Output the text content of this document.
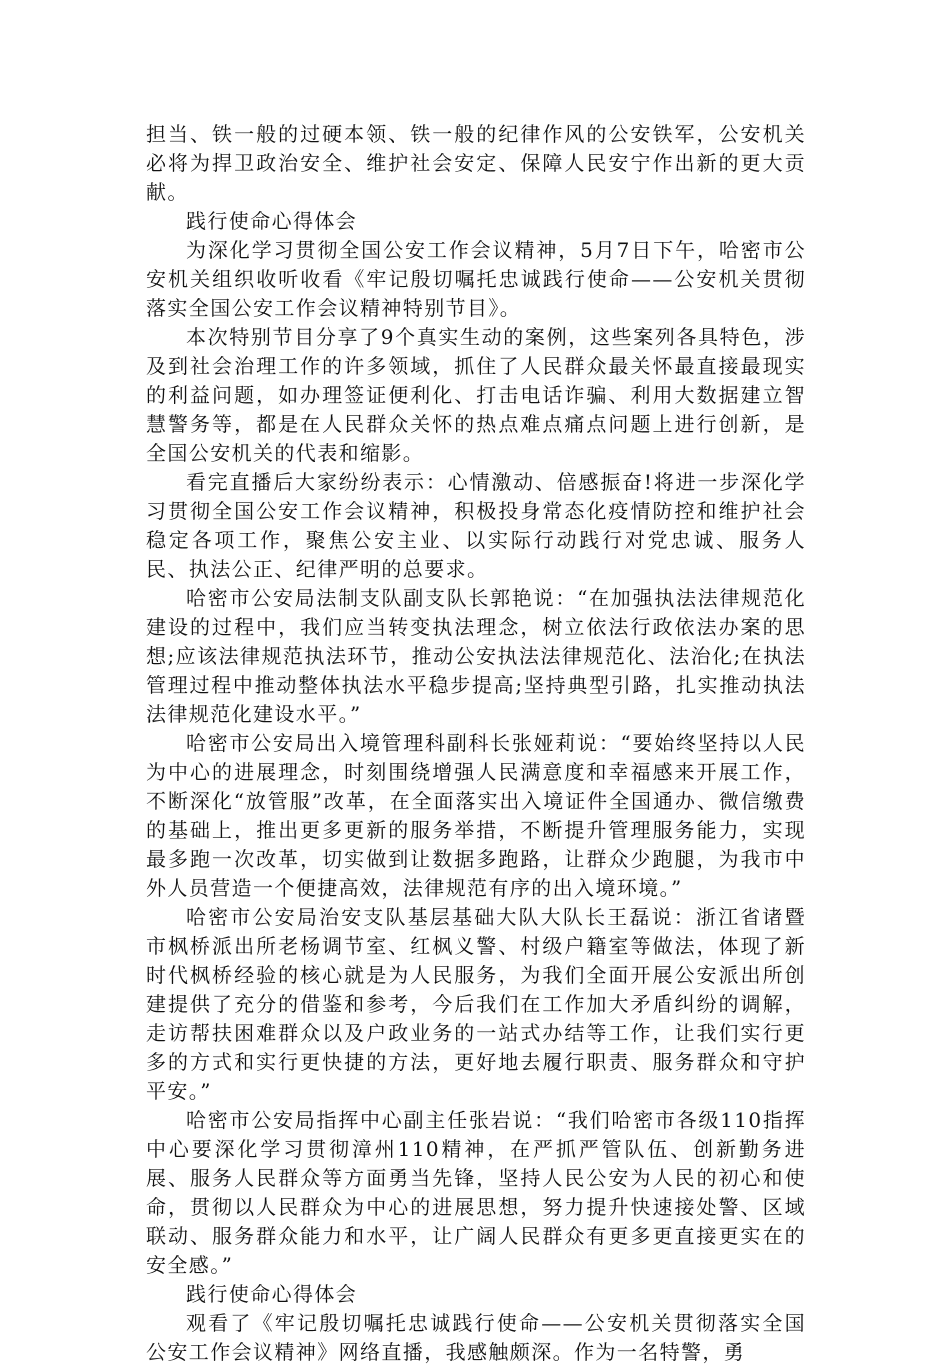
担当、铁一般的过硬本领、铁一般的纪律作风的公安铁军，公安机关必将为捍卫政治安全、维护社会安定、保障人民安宁作出新的更大贡献。

践行使命心得体会

为深化学习贯彻全国公安工作会议精神，5月7日下午，哈密市公安机关组织收听收看《牢记殷切嘱托忠诚践行使命——公安机关贯彻落实全国公安工作会议精神特别节目》。

本次特别节目分享了9个真实生动的案例，这些案列各具特色，涉及到社会治理工作的许多领域，抓住了人民群众最关怀最直接最现实的利益问题，如办理签证便利化、打击电话诈骗、利用大数据建立智慧警务等，都是在人民群众关怀的热点难点痛点问题上进行创新，是全国公安机关的代表和缩影。

看完直播后大家纷纷表示：心情激动、倍感振奋!将进一步深化学习贯彻全国公安工作会议精神，积极投身常态化疫情防控和维护社会稳定各项工作，聚焦公安主业、以实际行动践行对党忠诚、服务人民、执法公正、纪律严明的总要求。

哈密市公安局法制支队副支队长郭艳说：“在加强执法法律规范化建设的过程中，我们应当转变执法理念，树立依法行政依法办案的思想;应该法律规范执法环节，推动公安执法法律规范化、法治化;在执法管理过程中推动整体执法水平稳步提高;坚持典型引路，扎实推动执法法律规范化建设水平。”

哈密市公安局出入境管理科副科长张娅莉说：“要始终坚持以人民为中心的进展理念，时刻围绕增强人民满意度和幸福感来开展工作，不断深化“放管服”改革，在全面落实出入境证件全国通办、微信缴费的基础上，推出更多更新的服务举措，不断提升管理服务能力，实现最多跑一次改革，切实做到让数据多跑路，让群众少跑腿，为我市中外人员营造一个便捷高效，法律规范有序的出入境环境。”

哈密市公安局治安支队基层基础大队大队长王磊说：浙江省诸暨市枫桥派出所老杨调节室、红枫义警、村级户籍室等做法，体现了新时代枫桥经验的核心就是为人民服务，为我们全面开展公安派出所创建提供了充分的借鉴和参考，今后我们在工作加大矛盾纠纷的调解，走访帮扶困难群众以及户政业务的一站式办结等工作，让我们实行更多的方式和实行更快捷的方法，更好地去履行职责、服务群众和守护平安。”

哈密市公安局指挥中心副主任张岩说：“我们哈密市各级110指挥中心要深化学习贯彻漳州110精神，在严抓严管队伍、创新勤务进展、服务人民群众等方面勇当先锋，坚持人民公安为人民的初心和使命，贯彻以人民群众为中心的进展思想，努力提升快速接处警、区域联动、服务群众能力和水平，让广阔人民群众有更多更直接更实在的安全感。”

践行使命心得体会

观看了《牢记殷切嘱托忠诚践行使命——公安机关贯彻落实全国公安工作会议精神》网络直播，我感触颇深。作为一名特警，勇
